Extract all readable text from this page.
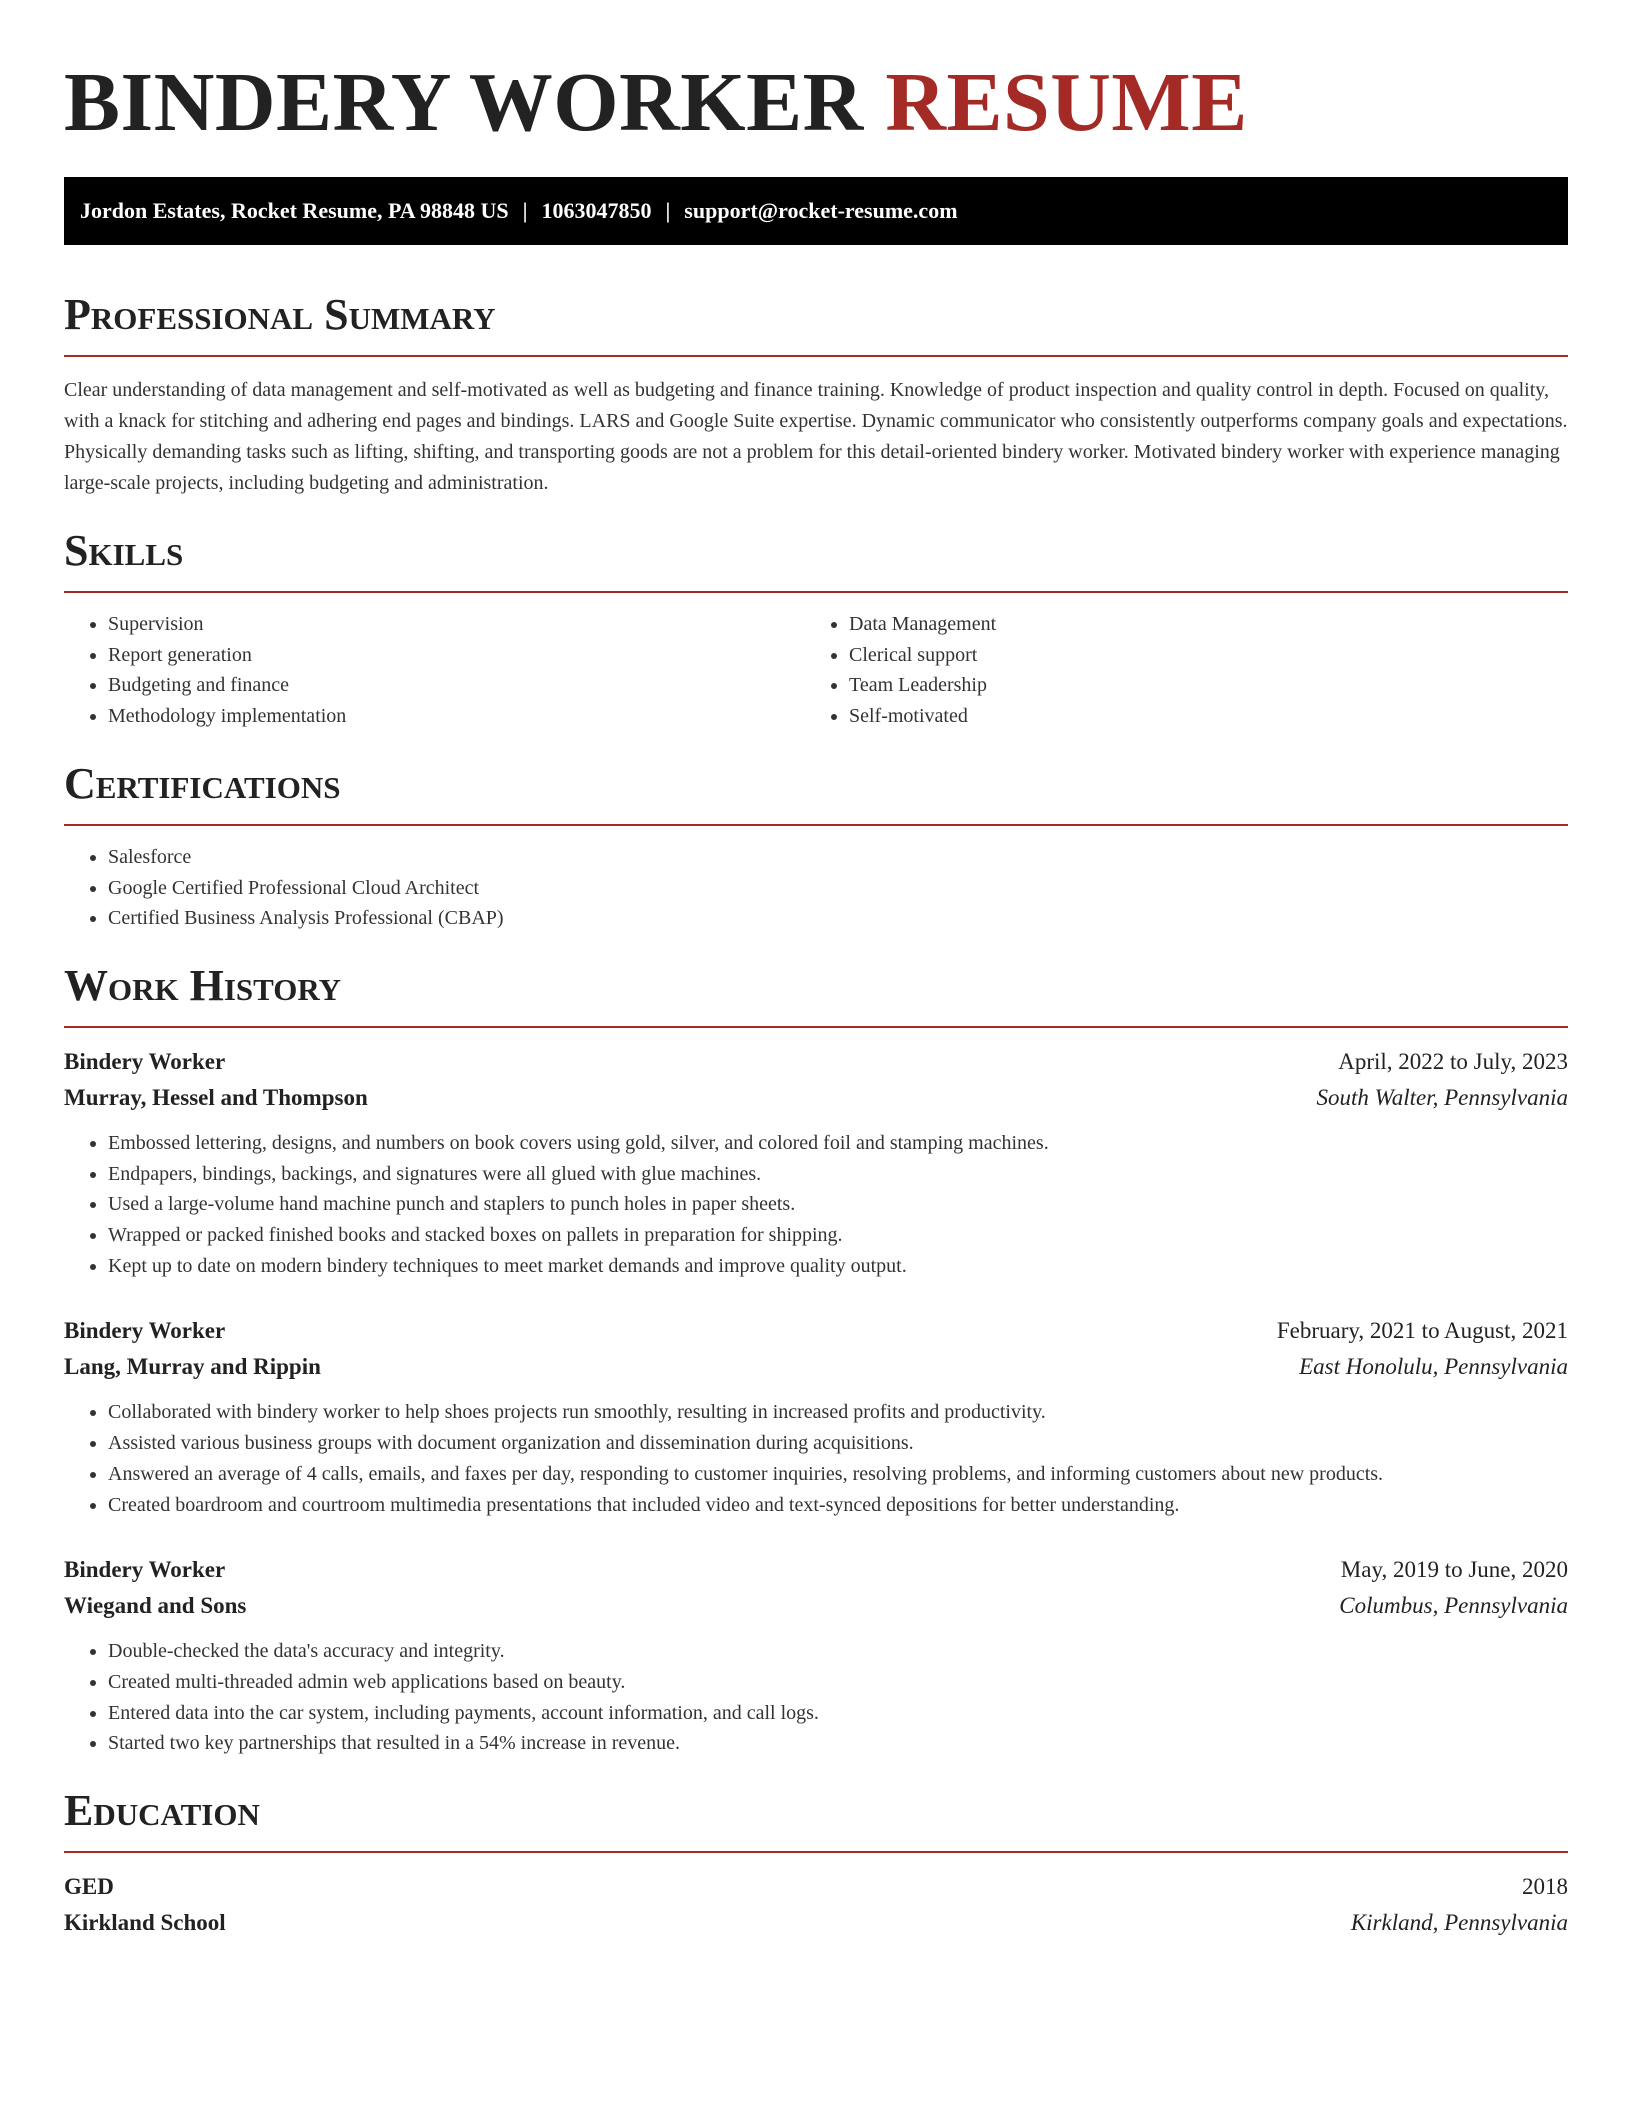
BINDERY WORKER RESUME
Jordon Estates, Rocket Resume, PA 98848 US | 1063047850 | support@rocket-resume.com
Professional Summary

Clear understanding of data management and self-motivated as well as budgeting and finance training. Knowledge of product inspection and quality control in depth. Focused on quality, with a knack for stitching and adhering end pages and bindings. LARS and Google Suite expertise. Dynamic communicator who consistently outperforms company goals and expectations. Physically demanding tasks such as lifting, shifting, and transporting goods are not a problem for this detail-oriented bindery worker. Motivated bindery worker with experience managing large-scale projects, including budgeting and administration.

Skills
• Supervision
• Report generation
• Budgeting and finance
• Methodology implementation
• Data Management
• Clerical support
• Team Leadership
• Self-motivated
Certifications
• Salesforce
• Google Certified Professional Cloud Architect
• Certified Business Analysis Professional (CBAP)
Work History
Bindery Worker	April, 2022 to July, 2023
Murray, Hessel and Thompson	South Walter, Pennsylvania
• Embossed lettering, designs, and numbers on book covers using gold, silver, and colored foil and stamping machines.
• Endpapers, bindings, backings, and signatures were all glued with glue machines.
• Used a large-volume hand machine punch and staplers to punch holes in paper sheets.
• Wrapped or packed finished books and stacked boxes on pallets in preparation for shipping.
• Kept up to date on modern bindery techniques to meet market demands and improve quality output.
Bindery Worker	February, 2021 to August, 2021
Lang, Murray and Rippin	East Honolulu, Pennsylvania
• Collaborated with bindery worker to help shoes projects run smoothly, resulting in increased profits and productivity.
• Assisted various business groups with document organization and dissemination during acquisitions.
• Answered an average of 4 calls, emails, and faxes per day, responding to customer inquiries, resolving problems, and informing customers about new products.
• Created boardroom and courtroom multimedia presentations that included video and text-synced depositions for better understanding.
Bindery Worker	May, 2019 to June, 2020
Wiegand and Sons	Columbus, Pennsylvania
• Double-checked the data's accuracy and integrity.
• Created multi-threaded admin web applications based on beauty.
• Entered data into the car system, including payments, account information, and call logs.
• Started two key partnerships that resulted in a 54% increase in revenue.
Education
GED	2018
Kirkland School	Kirkland, Pennsylvania
